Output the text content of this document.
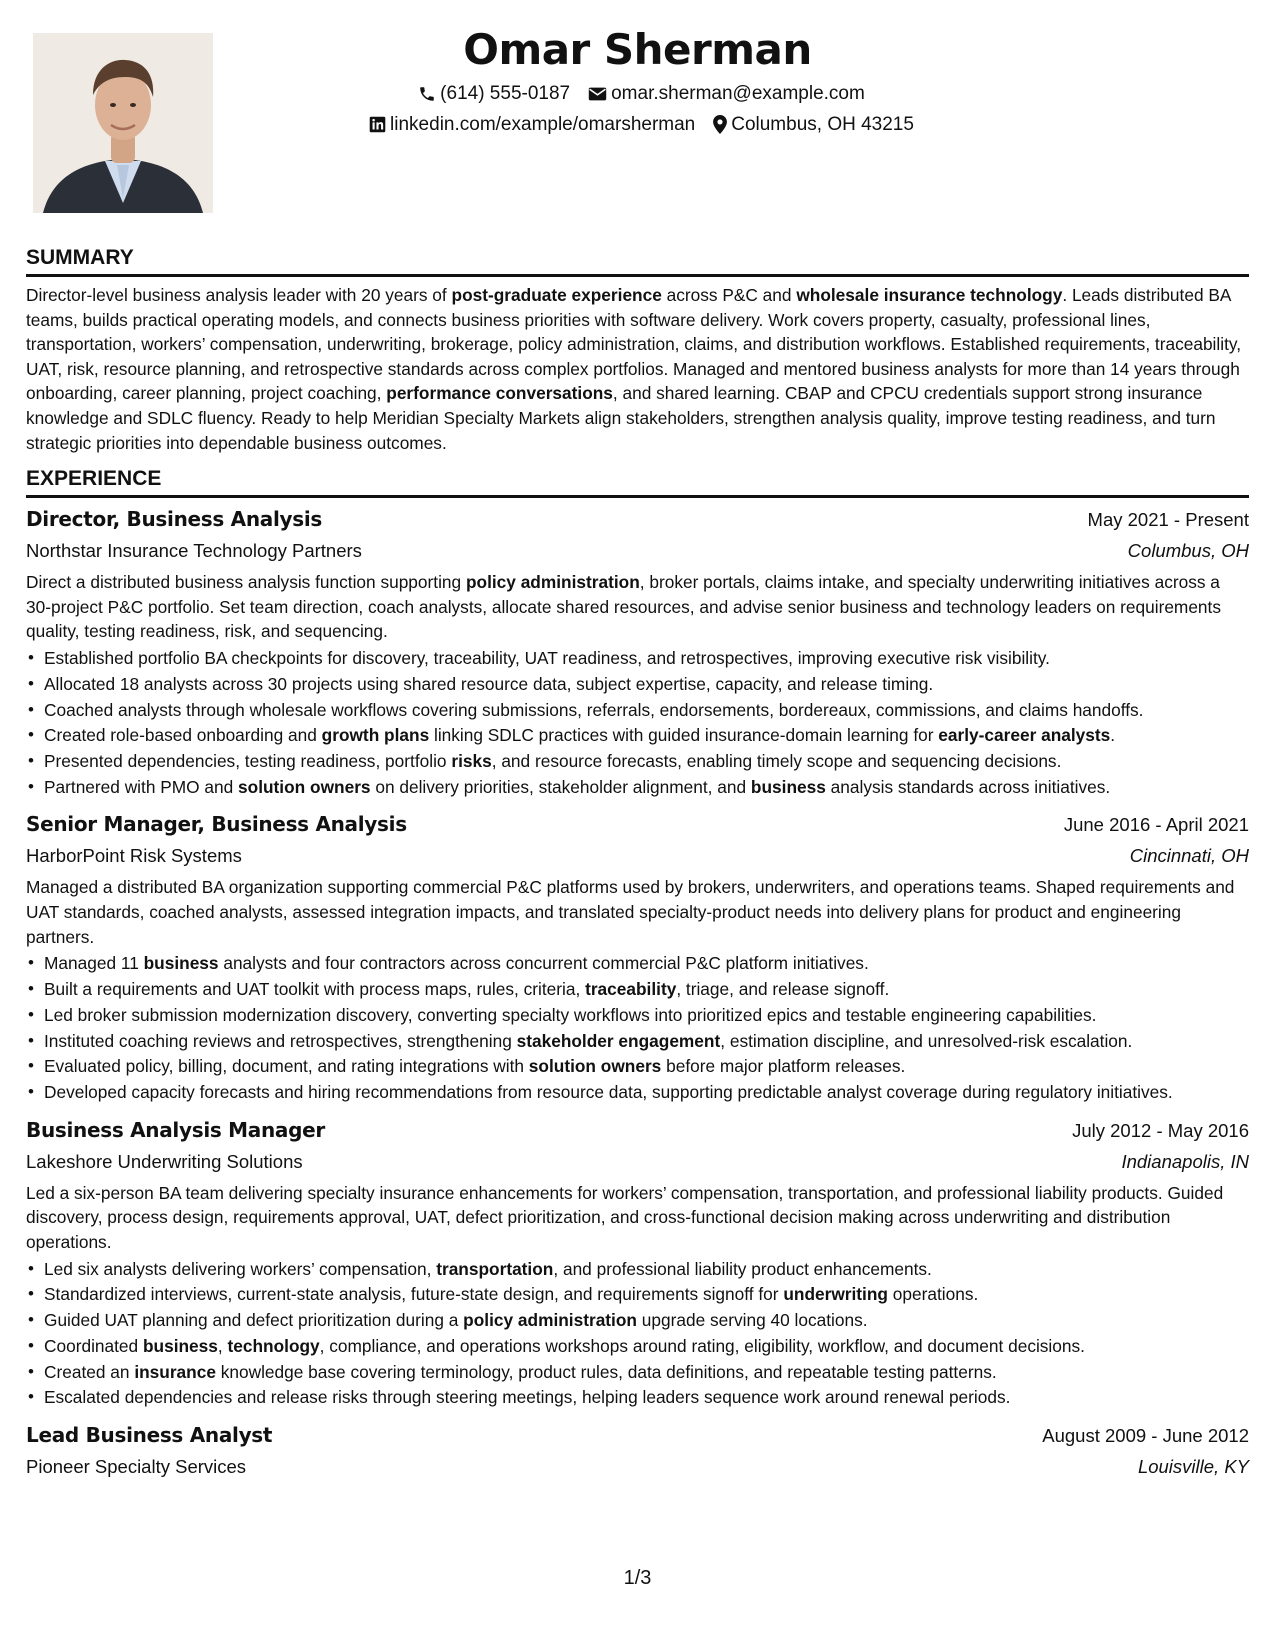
Omar Sherman
(614) 555-0187 omar.sherman@example.com
linkedin.com/example/omarsherman Columbus, OH 43215
SUMMARY

Director-level business analysis leader with 20 years of post-graduate experience across P&C and wholesale insurance technology. Leads distributed BA teams, builds practical operating models, and connects business priorities with software delivery. Work covers property, casualty, professional lines, transportation, workers’ compensation, underwriting, brokerage, policy administration, claims, and distribution workflows. Established requirements, traceability, UAT, risk, resource planning, and retrospective standards across complex portfolios. Managed and mentored business analysts for more than 14 years through onboarding, career planning, project coaching, performance conversations, and shared learning. CBAP and CPCU credentials support strong insurance knowledge and SDLC fluency. Ready to help Meridian Specialty Markets align stakeholders, strengthen analysis quality, improve testing readiness, and turn strategic priorities into dependable business outcomes.

EXPERIENCE
Director, Business Analysis	May 2021 - Present
Northstar Insurance Technology Partners	Columbus, OH

Direct a distributed business analysis function supporting policy administration, broker portals, claims intake, and specialty underwriting initiatives across a 30-project P&C portfolio. Set team direction, coach analysts, allocate shared resources, and advise senior business and technology leaders on requirements quality, testing readiness, risk, and sequencing.

• Established portfolio BA checkpoints for discovery, traceability, UAT readiness, and retrospectives, improving executive risk visibility.
• Allocated 18 analysts across 30 projects using shared resource data, subject expertise, capacity, and release timing.
• Coached analysts through wholesale workflows covering submissions, referrals, endorsements, bordereaux, commissions, and claims handoffs.
• Created role-based onboarding and growth plans linking SDLC practices with guided insurance-domain learning for early-career analysts.
• Presented dependencies, testing readiness, portfolio risks, and resource forecasts, enabling timely scope and sequencing decisions.
• Partnered with PMO and solution owners on delivery priorities, stakeholder alignment, and business analysis standards across initiatives.
Senior Manager, Business Analysis	June 2016 - April 2021
HarborPoint Risk Systems	Cincinnati, OH

Managed a distributed BA organization supporting commercial P&C platforms used by brokers, underwriters, and operations teams. Shaped requirements and UAT standards, coached analysts, assessed integration impacts, and translated specialty-product needs into delivery plans for product and engineering partners.

• Managed 11 business analysts and four contractors across concurrent commercial P&C platform initiatives.
• Built a requirements and UAT toolkit with process maps, rules, criteria, traceability, triage, and release signoff.
• Led broker submission modernization discovery, converting specialty workflows into prioritized epics and testable engineering capabilities.
• Instituted coaching reviews and retrospectives, strengthening stakeholder engagement, estimation discipline, and unresolved-risk escalation.
• Evaluated policy, billing, document, and rating integrations with solution owners before major platform releases.
• Developed capacity forecasts and hiring recommendations from resource data, supporting predictable analyst coverage during regulatory initiatives.
Business Analysis Manager	July 2012 - May 2016
Lakeshore Underwriting Solutions	Indianapolis, IN

Led a six-person BA team delivering specialty insurance enhancements for workers’ compensation, transportation, and professional liability products. Guided discovery, process design, requirements approval, UAT, defect prioritization, and cross-functional decision making across underwriting and distribution operations.

• Led six analysts delivering workers’ compensation, transportation, and professional liability product enhancements.
• Standardized interviews, current-state analysis, future-state design, and requirements signoff for underwriting operations.
• Guided UAT planning and defect prioritization during a policy administration upgrade serving 40 locations.
• Coordinated business, technology, compliance, and operations workshops around rating, eligibility, workflow, and document decisions.
• Created an insurance knowledge base covering terminology, product rules, data definitions, and repeatable testing patterns.
• Escalated dependencies and release risks through steering meetings, helping leaders sequence work around renewal periods.
Lead Business Analyst	August 2009 - June 2012
Pioneer Specialty Services	Louisville, KY
1/3
